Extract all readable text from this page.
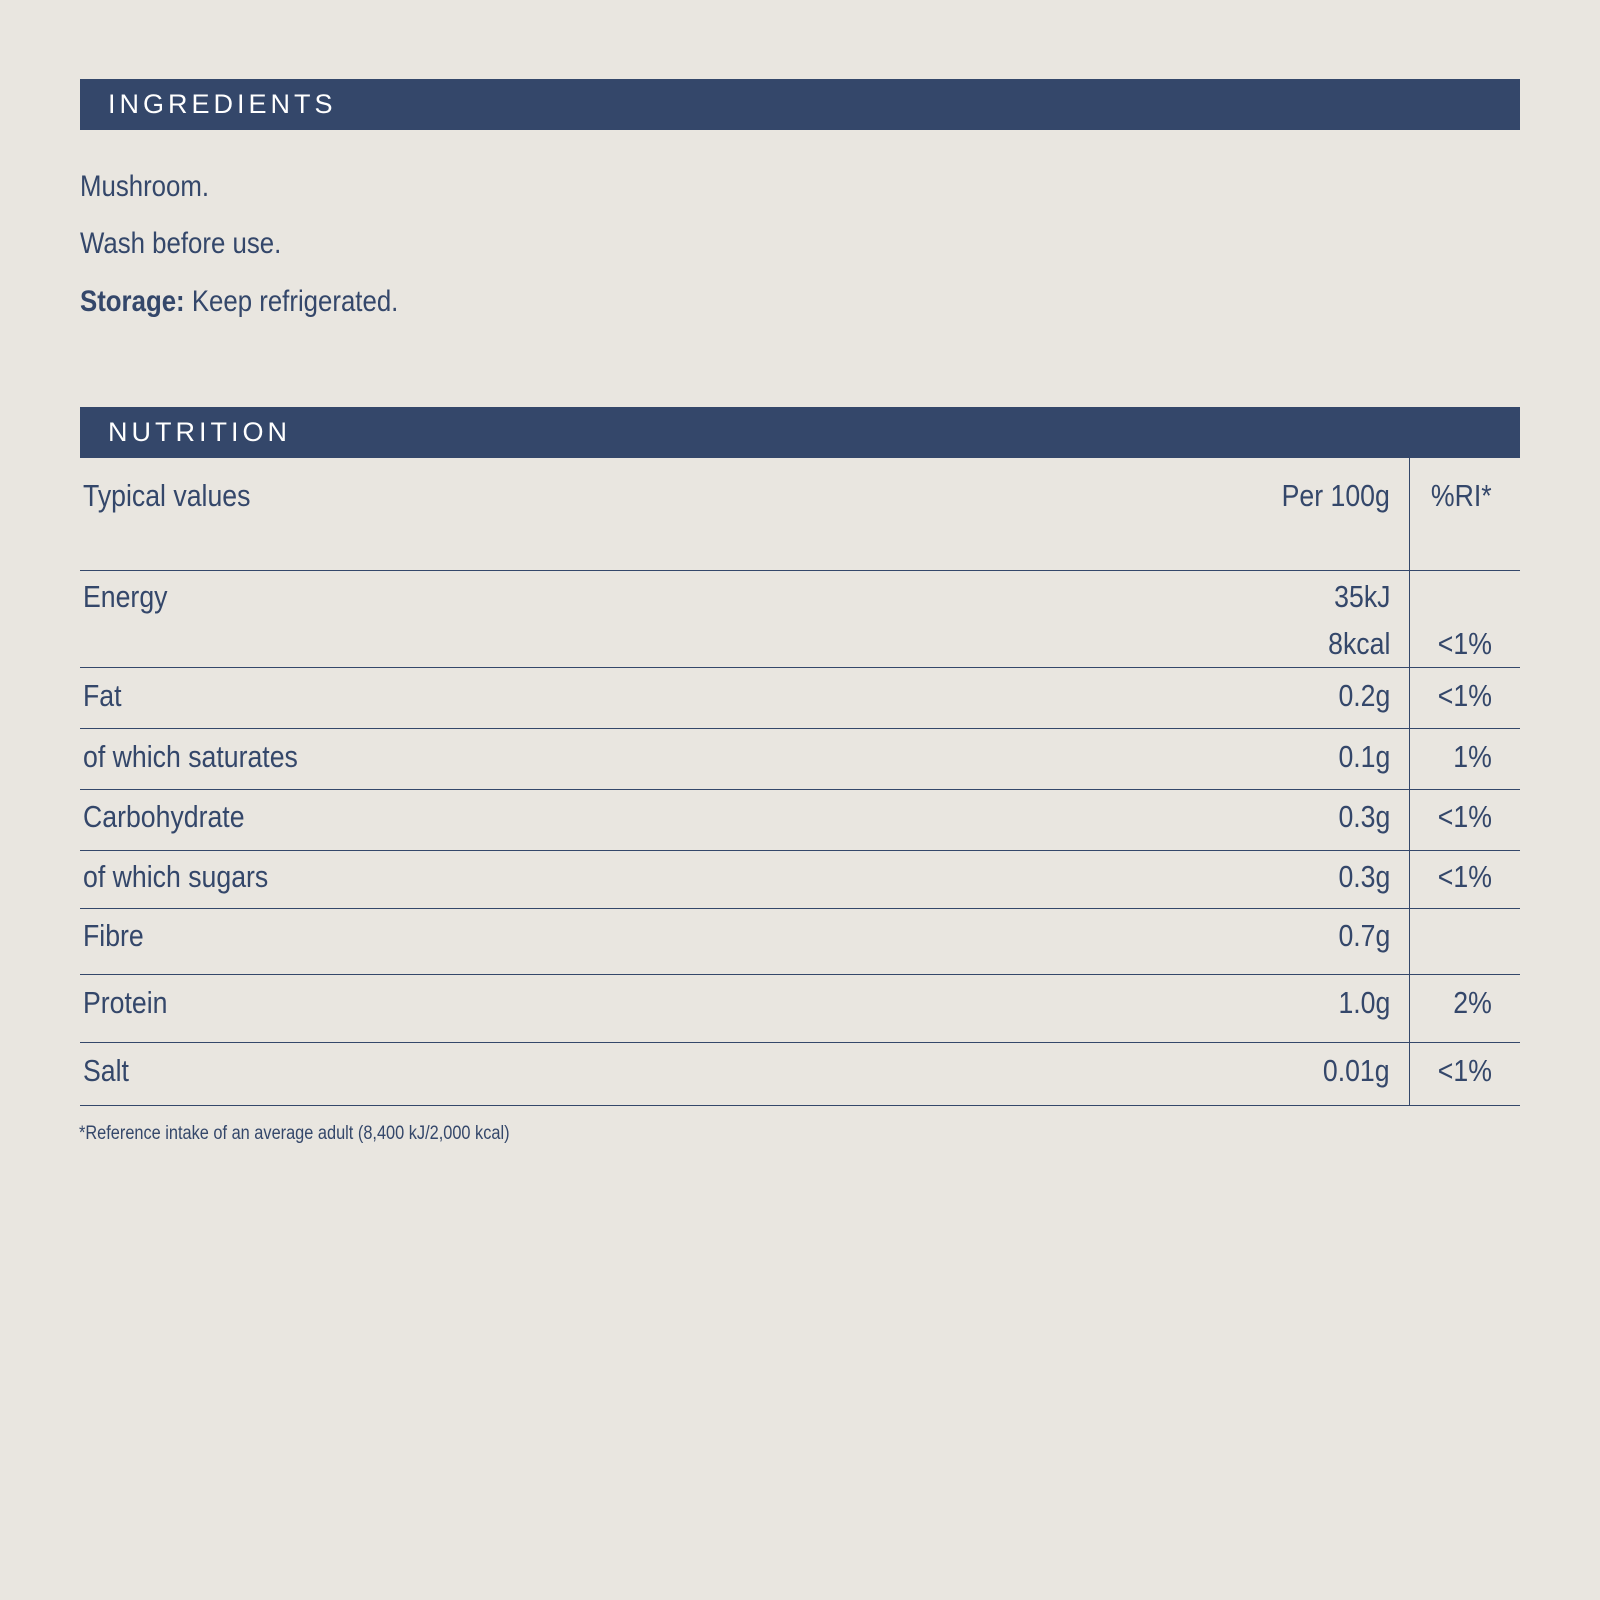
INGREDIENTS
Mushroom.
Wash before use.
Storage: Keep refrigerated.
NUTRITION
Typical values	Per 100g %RI*
Energy	35kJ
8kcal <1%
Fat	0.2g <1%
of which saturates	0.1g 1%
Carbohydrate	0.3g <1%
of which sugars	0.3g <1%
Fibre	0.7g
Protein	1.0g 2%
Salt	0.01g <1%
*Reference intake of an average adult (8,400 kJ/2,000 kcal)
